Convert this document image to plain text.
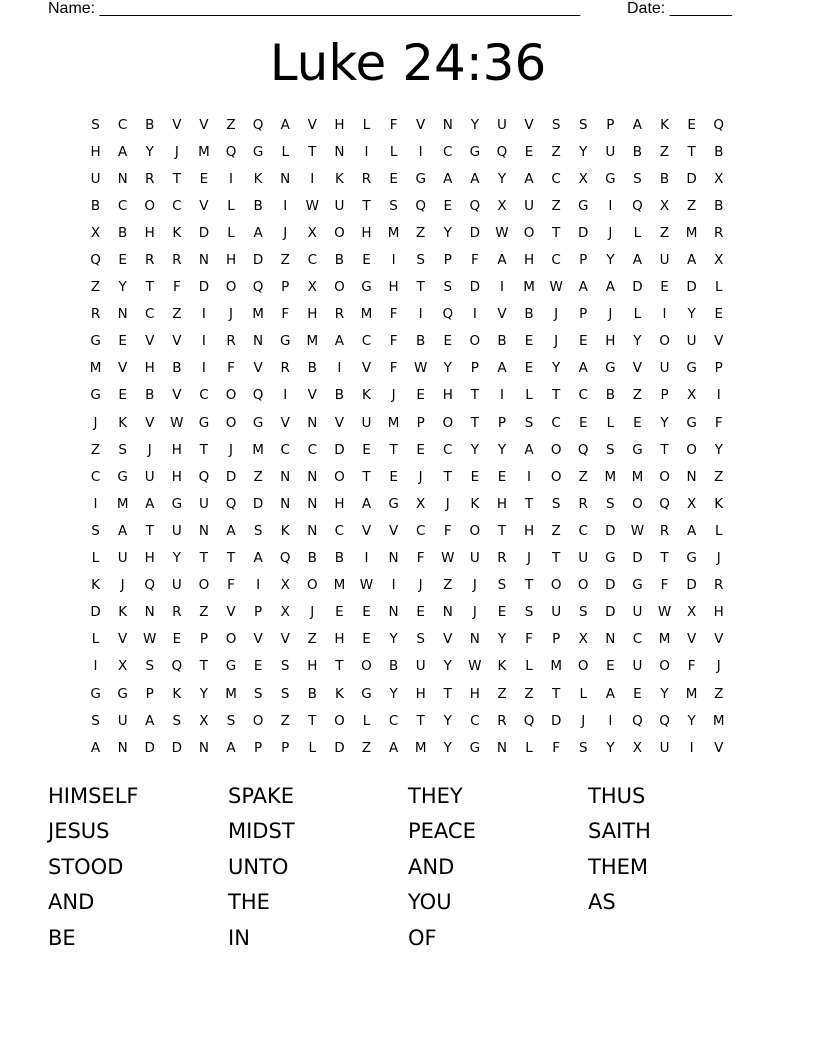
Name: ______________________________________________________	Date: _______
Luke 24:36
S	C	B	V	V	Z	Q	A	V	H	L	F	V	N	Y	U	V	S	S	P	A	K	E	Q
H	A	Y	J	M	Q	G	L	T	N	I	L	I	C	G	Q	E	Z	Y	U	B	Z	T	B
U	N	R	T	E	I	K	N	I	K	R	E	G	A	A	Y	A	C	X	G	S	B	D	X
B	C	O	C	V	L	B	I	W	U	T	S	Q	E	Q	X	U	Z	G	I	Q	X	Z	B
X	B	H	K	D	L	A	J	X	O	H	M	Z	Y	D	W	O	T	D	J	L	Z	M	R
Q	E	R	R	N	H	D	Z	C	B	E	I	S	P	F	A	H	C	P	Y	A	U	A	X
Z	Y	T	F	D	O	Q	P	X	O	G	H	T	S	D	I	M	W	A	A	D	E	D	L
R	N	C	Z	I	J	M	F	H	R	M	F	I	Q	I	V	B	J	P	J	L	I	Y	E
G	E	V	V	I	R	N	G	M	A	C	F	B	E	O	B	E	J	E	H	Y	O	U	V
M	V	H	B	I	F	V	R	B	I	V	F	W	Y	P	A	E	Y	A	G	V	U	G	P
G	E	B	V	C	O	Q	I	V	B	K	J	E	H	T	I	L	T	C	B	Z	P	X	I
J	K	V	W	G	O	G	V	N	V	U	M	P	O	T	P	S	C	E	L	E	Y	G	F
Z	S	J	H	T	J	M	C	C	D	E	T	E	C	Y	Y	A	O	Q	S	G	T	O	Y
C	G	U	H	Q	D	Z	N	N	O	T	E	J	T	E	E	I	O	Z	M	M	O	N	Z
I	M	A	G	U	Q	D	N	N	H	A	G	X	J	K	H	T	S	R	S	O	Q	X	K
S	A	T	U	N	A	S	K	N	C	V	V	C	F	O	T	H	Z	C	D	W	R	A	L
L	U	H	Y	T	T	A	Q	B	B	I	N	F	W	U	R	J	T	U	G	D	T	G	J
K	J	Q	U	O	F	I	X	O	M	W	I	J	Z	J	S	T	O	O	D	G	F	D	R
D	K	N	R	Z	V	P	X	J	E	E	N	E	N	J	E	S	U	S	D	U	W	X	H
L	V	W	E	P	O	V	V	Z	H	E	Y	S	V	N	Y	F	P	X	N	C	M	V	V
I	X	S	Q	T	G	E	S	H	T	O	B	U	Y	W	K	L	M	O	E	U	O	F	J
G	G	P	K	Y	M	S	S	B	K	G	Y	H	T	H	Z	Z	T	L	A	E	Y	M	Z
S	U	A	S	X	S	O	Z	T	O	L	C	T	Y	C	R	Q	D	J	I	Q	Q	Y	M
A	N	D	D	N	A	P	P	L	D	Z	A	M	Y	G	N	L	F	S	Y	X	U	I	V
HIMSELF	SPAKE	THEY	THUS
JESUS	MIDST	PEACE	SAITH
STOOD	UNTO	AND	THEM
AND	THE	YOU	AS
BE	IN	OF
